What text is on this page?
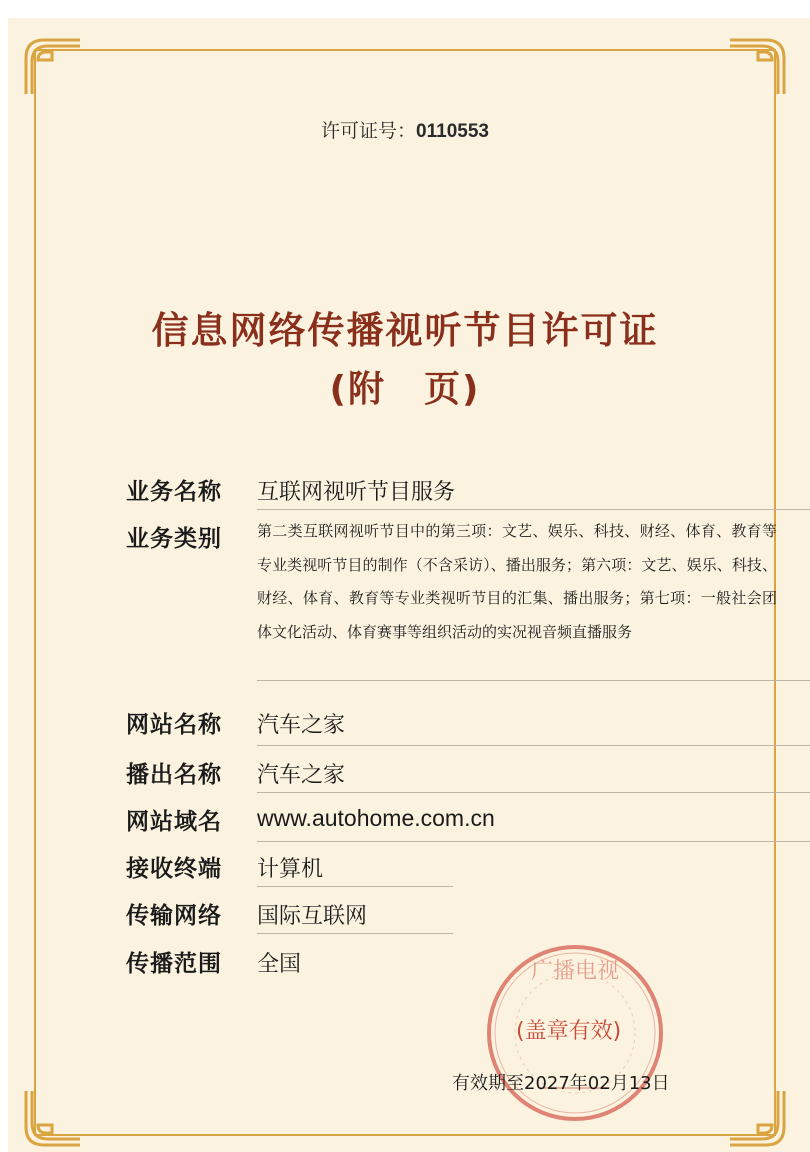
许可证号：0110553
信息网络传播视听节目许可证
(附　页)
业务名称 互联网视听节目服务
业务类别 第二类互联网视听节目中的第三项：文艺、娱乐、科技、财经、体育、教育等专业类视听节目的制作（不含采访）、播出服务；第六项：文艺、娱乐、科技、财经、体育、教育等专业类视听节目的汇集、播出服务；第七项：一般社会团体文化活动、体育赛事等组织活动的实况视音频直播服务
网站名称 汽车之家
播出名称 汽车之家
网站域名 www.autohome.com.cn
接收终端 计算机
传输网络 国际互联网
传播范围 全国	广播电视
(盖章有效)
有效期至2027年02月13日
